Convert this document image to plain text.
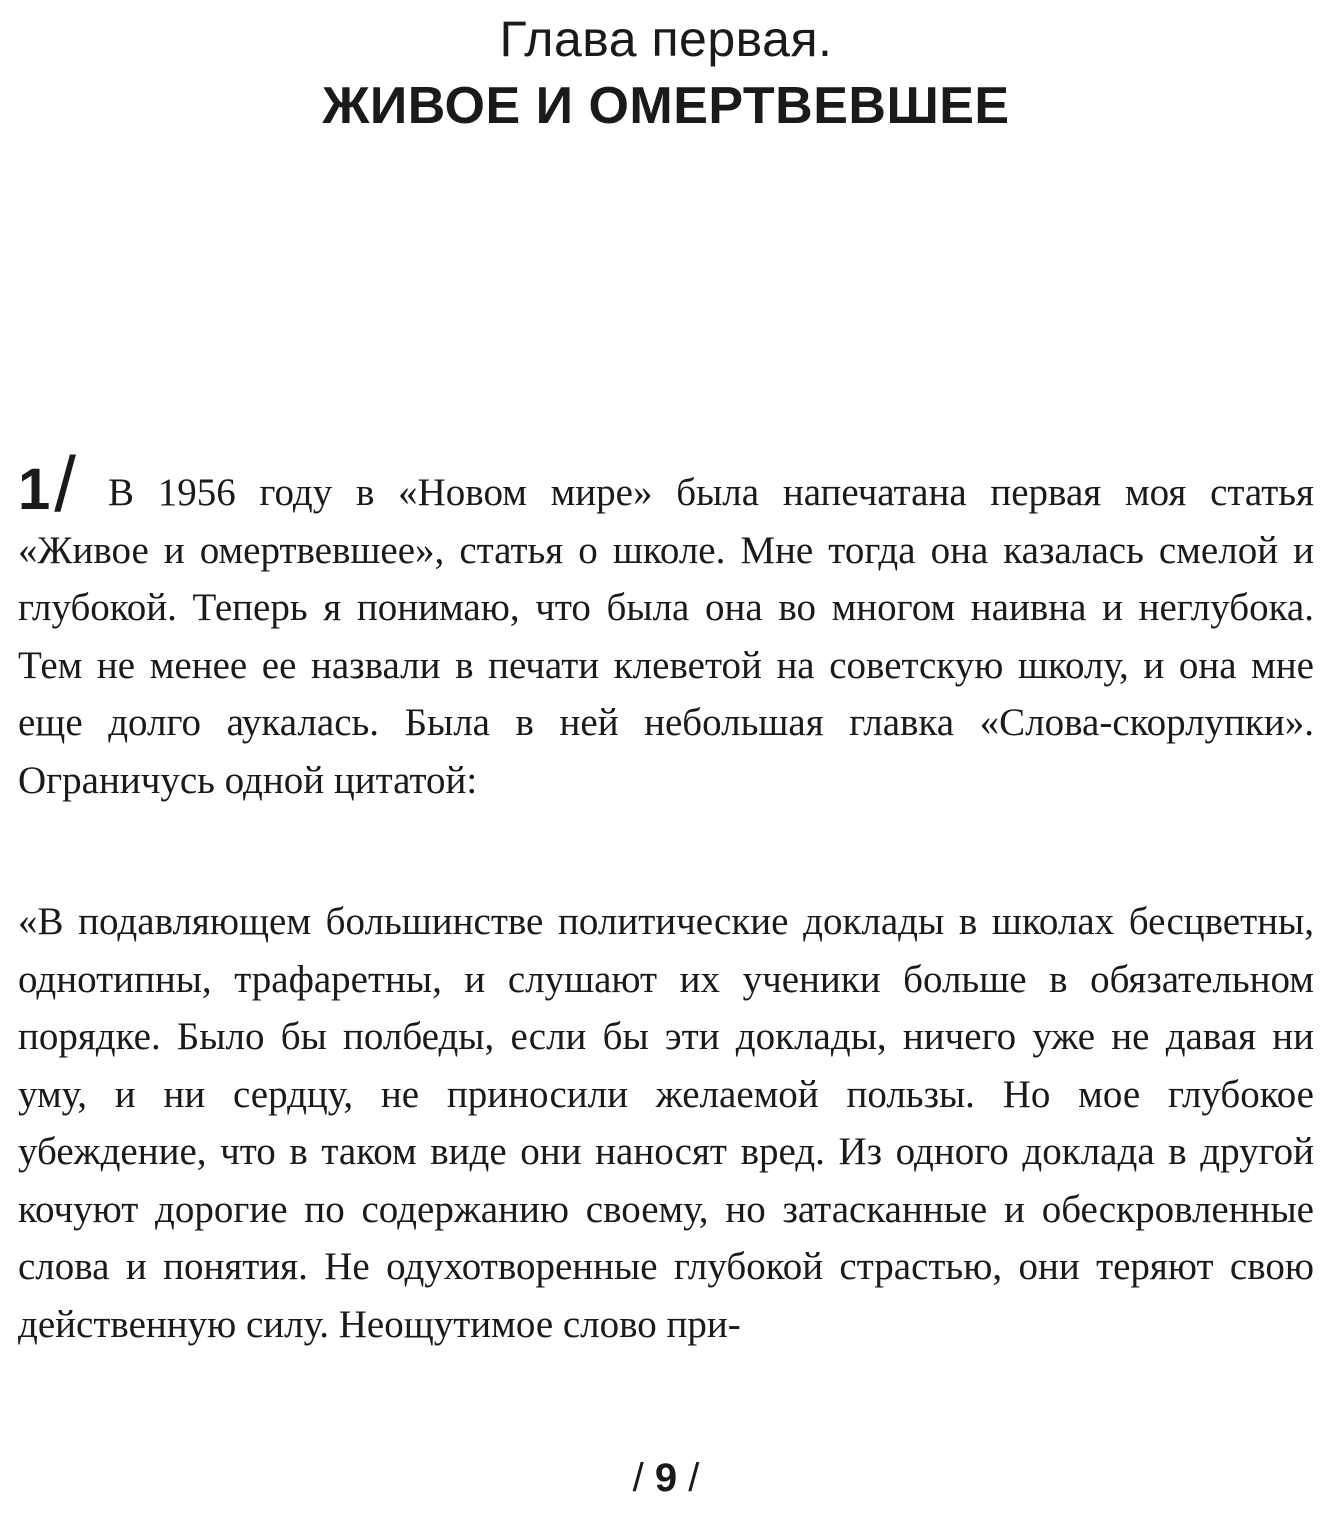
Глава первая.
ЖИВОЕ И ОМЕРТВЕВШЕЕ

1/ В 1956 году в «Новом мире» была напечатана первая моя статья «Живое и омертвевшее», статья о школе. Мне тогда она казалась смелой и глубокой. Теперь я понимаю, что была она во многом наивна и неглубока. Тем не менее ее назвали в печати клеветой на советскую школу, и она мне еще долго аукалась. Была в ней небольшая главка «Слова-скорлупки». Ограничусь одной цитатой:

«В подавляющем большинстве политические доклады в школах бесцветны, однотипны, трафаретны, и слушают их ученики больше в обязательном порядке. Было бы полбеды, если бы эти доклады, ничего уже не давая ни уму, и ни сердцу, не приносили желаемой пользы. Но мое глубокое убеждение, что в таком виде они наносят вред. Из одного доклада в другой кочуют дорогие по содержанию своему, но затасканные и обескровленные слова и понятия. Не одухотворенные глубокой страстью, они теряют свою действенную силу. Неощутимое слово при-

/ 9 /
